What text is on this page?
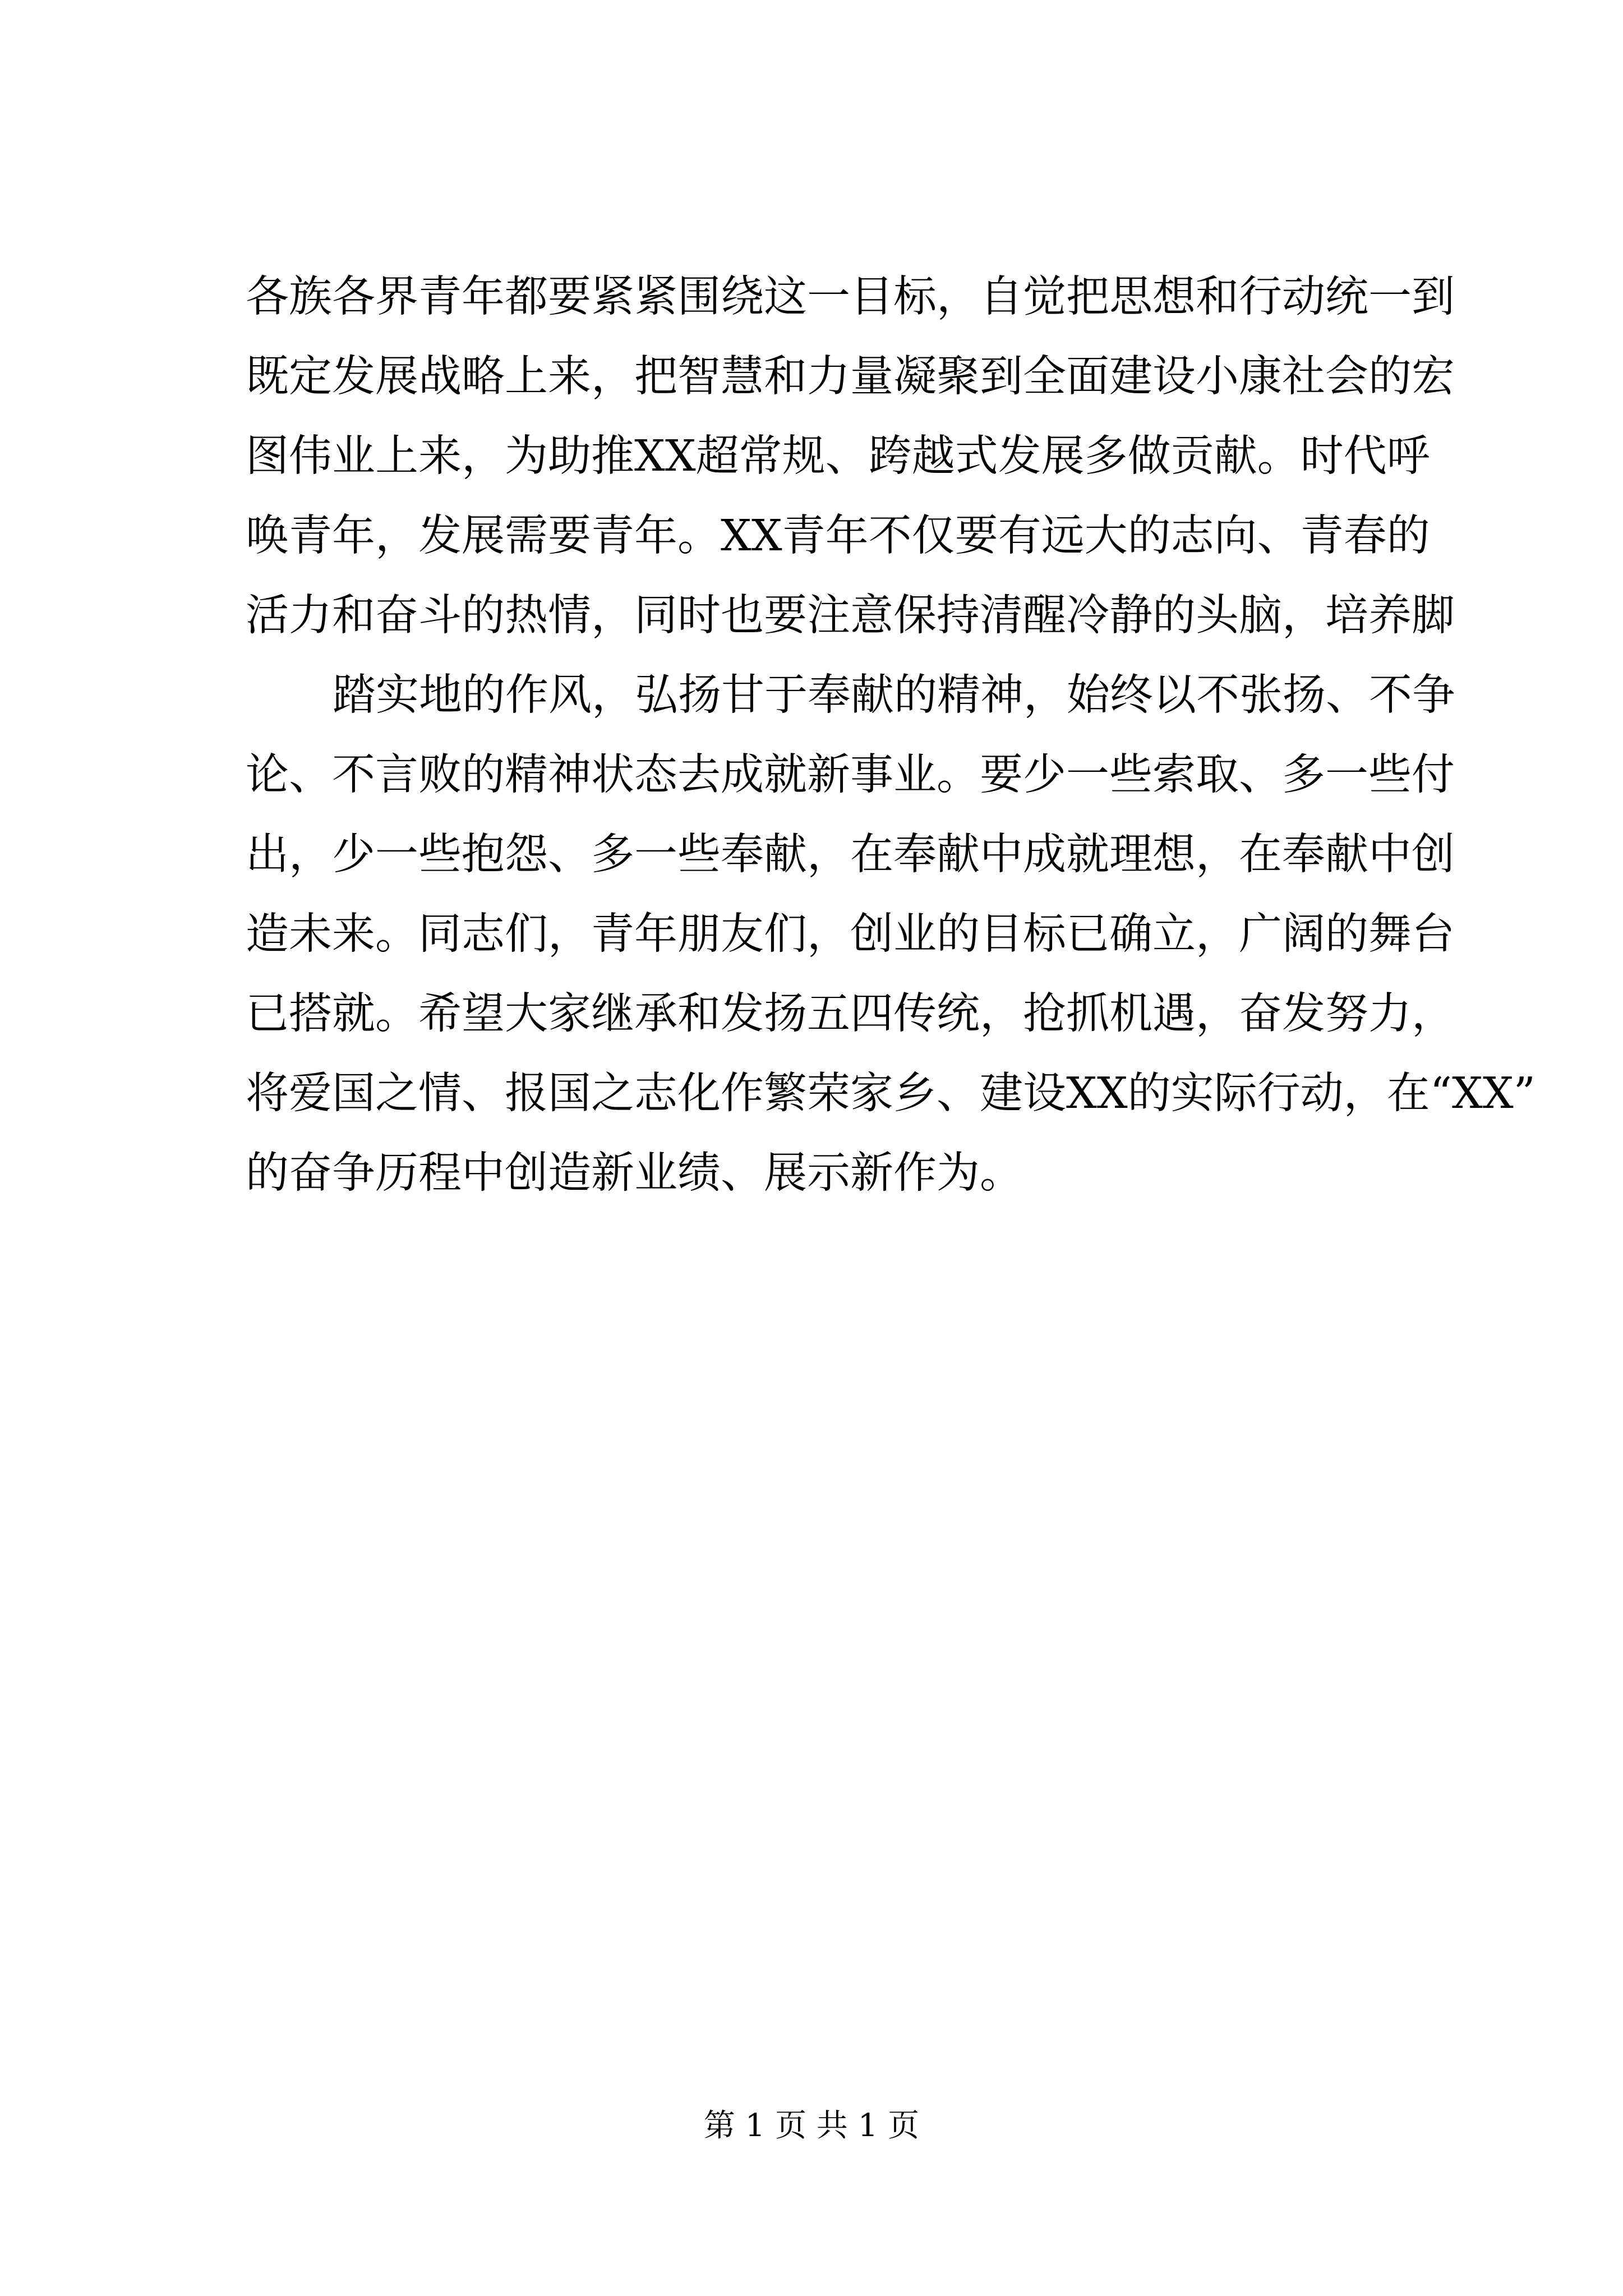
各族各界青年都要紧紧围绕这一目标，自觉把思想和行动统一到
既定发展战略上来，把智慧和力量凝聚到全面建设小康社会的宏
图伟业上来，为助推XX超常规、跨越式发展多做贡献。时代呼
唤青年，发展需要青年。XX青年不仅要有远大的志向、青春的
活力和奋斗的热情，同时也要注意保持清醒冷静的头脑，培养脚
踏实地的作风，弘扬甘于奉献的精神，始终以不张扬、不争
论、不言败的精神状态去成就新事业。要少一些索取、多一些付
出，少一些抱怨、多一些奉献，在奉献中成就理想，在奉献中创
造未来。同志们，青年朋友们，创业的目标已确立，广阔的舞台
已搭就。希望大家继承和发扬五四传统，抢抓机遇，奋发努力，
将爱国之情、报国之志化作繁荣家乡、建设XX的实际行动，在“XX”
的奋争历程中创造新业绩、展示新作为。
第 1 页 共 1 页
